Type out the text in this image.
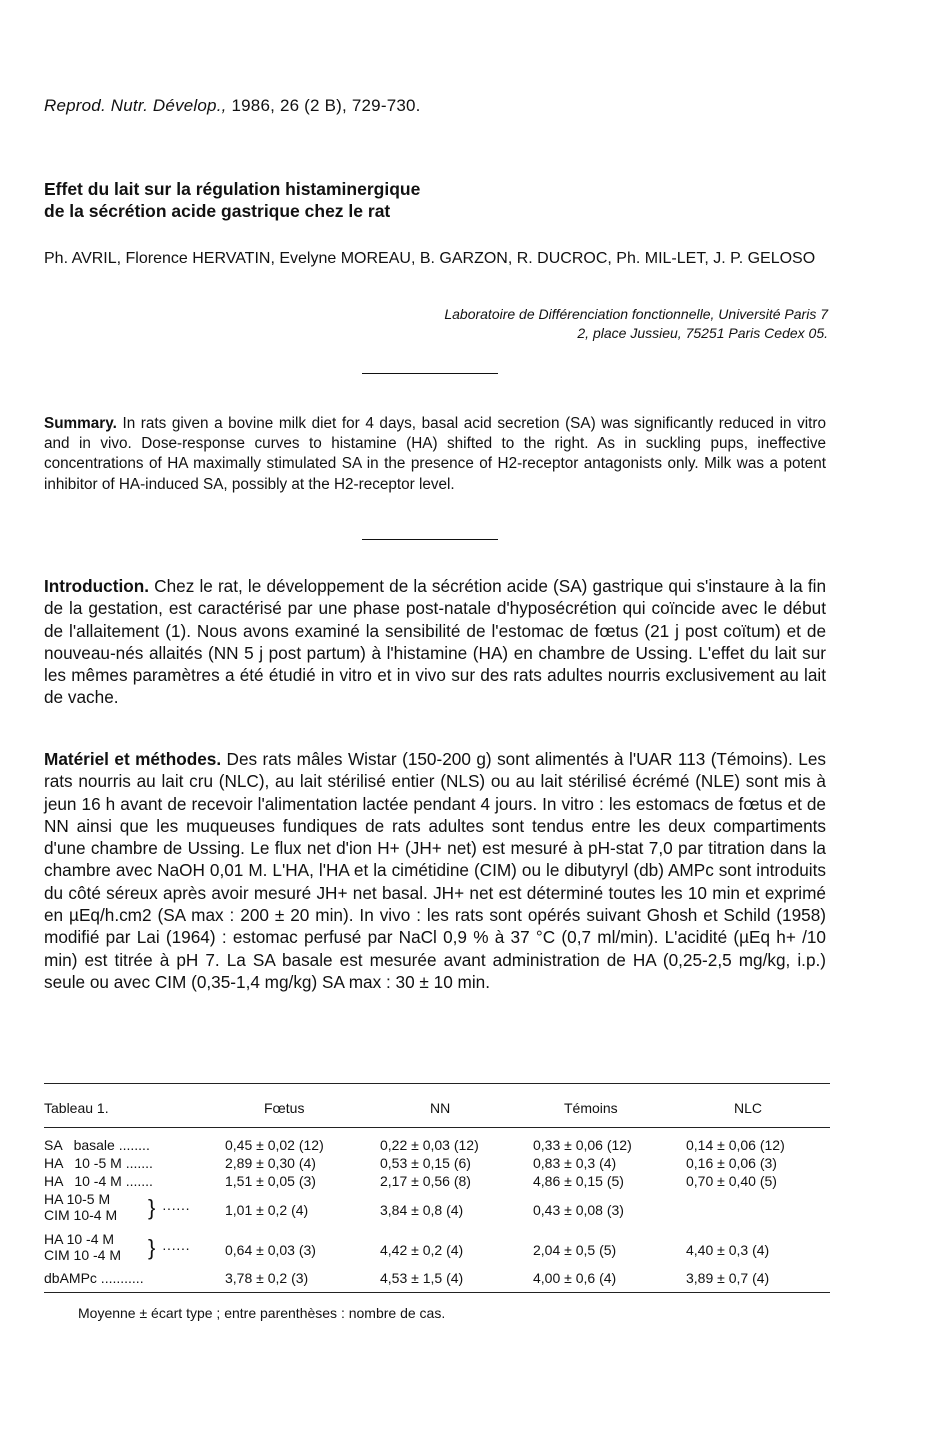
Reprod. Nutr. Dévelop., 1986, 26 (2 B), 729-730.
Effet du lait sur la régulation histaminergique
de la sécrétion acide gastrique chez le rat
Ph. AVRIL, Florence HERVATIN, Evelyne MOREAU, B. GARZON, R. DUCROC, Ph. MIL-LET, J. P. GELOSO
Laboratoire de Différenciation fonctionnelle, Université Paris 7
2, place Jussieu, 75251 Paris Cedex 05.
Summary. In rats given a bovine milk diet for 4 days, basal acid secretion (SA) was significantly reduced in vitro and in vivo. Dose-response curves to histamine (HA) shifted to the right. As in suckling pups, ineffective concentrations of HA maximally stimulated SA in the presence of H2-receptor antagonists only. Milk was a potent inhibitor of HA-induced SA, possibly at the H2-receptor level.
Introduction. Chez le rat, le développement de la sécrétion acide (SA) gastrique qui s'instaure à la fin de la gestation, est caractérisé par une phase post-natale d'hyposécrétion qui coïncide avec le début de l'allaitement (1). Nous avons examiné la sensibilité de l'estomac de fœtus (21 j post coïtum) et de nouveau-nés allaités (NN 5 j post partum) à l'histamine (HA) en chambre de Ussing. L'effet du lait sur les mêmes paramètres a été étudié in vitro et in vivo sur des rats adultes nourris exclusivement au lait de vache.
Matériel et méthodes. Des rats mâles Wistar (150-200 g) sont alimentés à l'UAR 113 (Témoins). Les rats nourris au lait cru (NLC), au lait stérilisé entier (NLS) ou au lait stérilisé écrémé (NLE) sont mis à jeun 16 h avant de recevoir l'alimentation lactée pendant 4 jours. In vitro : les estomacs de fœtus et de NN ainsi que les muqueuses fundiques de rats adultes sont tendus entre les deux compartiments d'une chambre de Ussing. Le flux net d'ion H+ (JH+ net) est mesuré à pH-stat 7,0 par titration dans la chambre avec NaOH 0,01 M. L'HA, l'HA et la cimétidine (CIM) ou le dibutyryl (db) AMPc sont introduits du côté séreux après avoir mesuré JH+ net basal. JH+ net est déterminé toutes les 10 min et exprimé en µEq/h.cm2 (SA max : 200 ± 20 min). In vivo : les rats sont opérés suivant Ghosh et Schild (1958) modifié par Lai (1964) : estomac perfusé par NaCl 0,9 % à 37 °C (0,7 ml/min). L'acidité (µEq h+ /10 min) est titrée à pH 7. La SA basale est mesurée avant administration de HA (0,25-2,5 mg/kg, i.p.) seule ou avec CIM (0,35-1,4 mg/kg) SA max : 30 ± 10 min.
Tableau 1.	Fœtus	NN	Témoins	NLC
SA   basale ........	0,45 ± 0,02 (12)	0,22 ± 0,03 (12)	0,33 ± 0,06 (12)	0,14 ± 0,06 (12)
HA   10 -5 M .......	2,89 ± 0,30 (4)	0,53 ± 0,15 (6)	0,83 ± 0,3 (4)	0,16 ± 0,06 (3)
HA   10 -4 M .......	1,51 ± 0,05 (3)	2,17 ± 0,56 (8)	4,86 ± 0,15 (5)	0,70 ± 0,40 (5)
HA 10-5 M
CIM 10-4 M } ······	1,01 ± 0,2 (4)	3,84 ± 0,8 (4)	0,43 ± 0,08 (3)
HA 10 -4 M
CIM 10 -4 M } ······	0,64 ± 0,03 (3)	4,42 ± 0,2 (4)	2,04 ± 0,5 (5)	4,40 ± 0,3 (4)
dbAMPc ...........	3,78 ± 0,2 (3)	4,53 ± 1,5 (4)	4,00 ± 0,6 (4)	3,89 ± 0,7 (4)
Moyenne ± écart type ; entre parenthèses : nombre de cas.
